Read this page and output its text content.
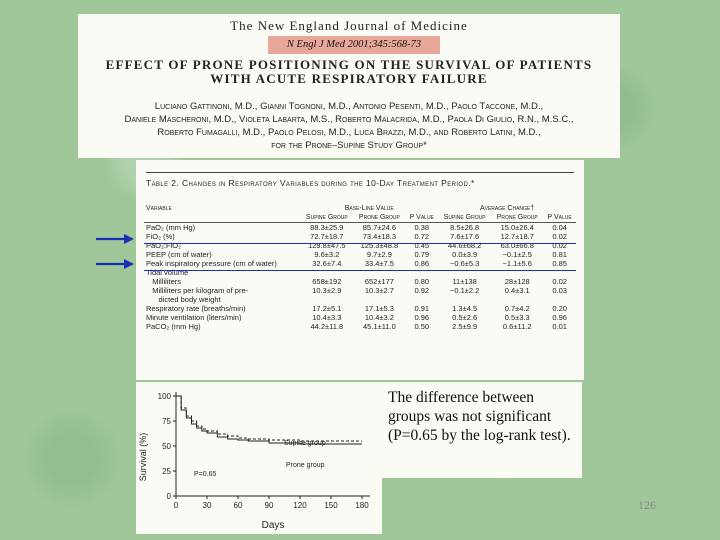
The New England Journal of Medicine
N Engl J Med 2001;345:568-73
EFFECT OF PRONE POSITIONING ON THE SURVIVAL OF PATIENTS
WITH ACUTE RESPIRATORY FAILURE
Luciano Gattinoni, M.D., Gianni Tognoni, M.D., Antonio Pesenti, M.D., Paolo Taccone, M.D.,
Daniele Mascheroni, M.D., Violeta Labarta, M.S., Roberto Malacrida, M.D., Paola Di Giulio, R.N., M.S.C.,
Roberto Fumagalli, M.D., Paolo Pelosi, M.D., Luca Brazzi, M.D., and Roberto Latini, M.D.,
for the Prone–Supine Study Group*
Table 2. Changes in Respiratory Variables during the 10-Day Treatment Period.*
Variable	Base-Line Value			Average Change†		
	Supine Group	Prone Group	P Value	Supine Group	Prone Group	P Value
PaO₂ (mm Hg)	88.3±25.9	85.7±24.6	0.38	8.5±26.8	15.0±26.4	0.04
FiO₂ (%)	72.7±18.7	73.4±18.3	0.72	7.6±17.6	12.7±18.7	0.02
PaO₂:FiO₂	129.8±47.5	125.3±48.8	0.45	44.6±68.2	63.0±66.8	0.02
PEEP (cm of water)	9.6±3.2	9.7±2.9	0.79	0.0±3.9	−0.1±2.5	0.81
Peak inspiratory pressure (cm of water)	32.6±7.4	33.4±7.5	0.86	−0.6±5.3	−1.1±5.6	0.85
Tidal volume						
Milliliters	658±192	652±177	0.80	11±138	28±128	0.02
Milliliters per kilogram of pre-	10.3±2.9	10.3±2.7	0.92	−0.1±2.2	0.4±3.1	0.03
dicted body weight						
Respiratory rate (breaths/min)	17.2±5.1	17.1±5.3	0.91	1.3±4.5	0.7±4.2	0.20
Minute ventilation (liters/min)	10.4±3.3	10.4±3.2	0.96	0.5±2.6	0.5±3.3	0.96
PaCO₂ (mm Hg)	44.2±11.8	45.1±11.0	0.50	2.5±9.9	0.6±11.2	0.01
Survival (%)
Days
0
25
50
75
100
0	30	60	90 120 150 180
Supine group
Prone group
P=0.65
The difference between groups was not significant (P=0.65 by the log-rank test).
126
